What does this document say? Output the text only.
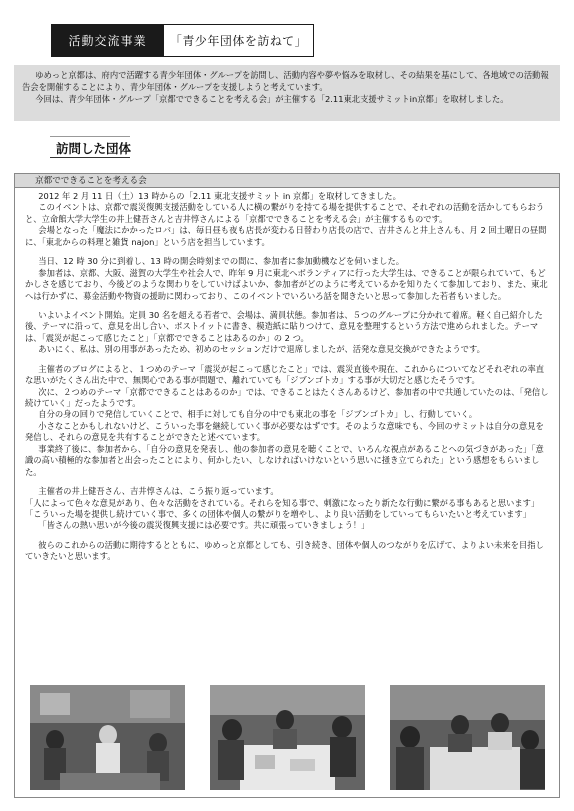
活動交流事業	「青少年団体を訪ねて」

ゆめっと京都は、府内で活躍する青少年団体・グループを訪問し、活動内容や夢や悩みを取材し、その結果を基にして、各地域での活動報告会を開催することにより、青少年団体・グループを支援しようと考えています。

今回は、青少年団体・グループ「京都でできることを考える会」が主催する「2.11東北支援サミットin京都」を取材しました。

訪問した団体
京都でできることを考える会

2012 年 2 月 11 日（土）13 時からの「2.11 東北支援サミット in 京都」を取材してきました。

このイベントは、京都で震災復興支援活動をしている人に横の繋がりを持てる場を提供することで、それぞれの活動を活かしてもらおうと、立命館大学大学生の井上健吾さんと吉井惇さんによる「京都でできることを考える会」が主催するものです。

会場となった「魔法にかかったロバ」は、毎日昼も夜も店長が変わる日替わり店長の店で、吉井さんと井上さんも、月 2 回土曜日の昼間に、「東北からの料理と雑貨 najon」という店を担当しています。

当日、12 時 30 分に到着し、13 時の開会時刻までの間に、参加者に参加動機などを伺いました。

参加者は、京都、大阪、滋賀の大学生や社会人で、昨年 9 月に東北へボランティアに行った大学生は、できることが限られていて、もどかしさを感じており、今後どのような関わりをしていけばよいか、参加者がどのように考えているかを知りたくて参加しており、また、東北へは行かずに、募金活動や物資の援助に関わっており、このイベントでいろいろ話を聞きたいと思って参加した若者もいました。

いよいよイベント開始。定員 30 名を超える若者で、会場は、満員状態。参加者は、５つのグループに分かれて着席。軽く自己紹介した後、テーマに沿って、意見を出し合い、ポストイットに書き、模造紙に貼りつけて、意見を整理するという方法で進められました。テーマは、「震災が起こって感じたこと」「京都でできることはあるのか」の 2 つ。

あいにく、私は、別の用事があったため、初めのセッションだけで退席しましたが、活発な意見交換ができたようです。

主催者のブログによると、１つめのテーマ「震災が起こって感じたこと」では、震災直後や現在、これからについてなどそれぞれの率直な思いがたくさん出た中で、無関心である事が問題で、離れていても「ジブンゴトカ」する事が大切だと感じたそうです。

次に、２つめのテーマ「京都でできることはあるのか」では、できることはたくさんあるけど、参加者の中で共通していたのは、「発信し続けていく」だったようです。

自分の身の回りで発信していくことで、相手に対しても自分の中でも東北の事を「ジブンゴトカ」し、行動していく。

小さなことかもしれないけど、こういった事を継続していく事が必要なはずです。そのような意味でも、今回のサミットは自分の意見を発信し、それらの意見を共有することができたと述べています。

事業終了後に、参加者から、「自分の意見を発表し、他の参加者の意見を聴くことで、いろんな視点があることへの気づきがあった」「意識の高い積極的な参加者と出会ったことにより、何かしたい、しなければいけないという思いに掻き立てられた」という感想をもらいました。

主催者の井上健吾さん、吉井惇さんは、こう振り返っています。

「人によって色々な意見があり、色々な活動をされている。それらを知る事で、刺激になったり新たな行動に繋がる事もあると思います」

「こういった場を提供し続けていく事で、多くの団体や個人の繋がりを増やし、より良い活動をしていってもらいたいと考えています」

「皆さんの熱い思いが今後の震災復興支援には必要です。共に頑張っていきましょう！」

彼らのこれからの活動に期待するとともに、ゆめっと京都としても、引き続き、団体や個人のつながりを広げて、よりよい未来を目指していきたいと思います。
